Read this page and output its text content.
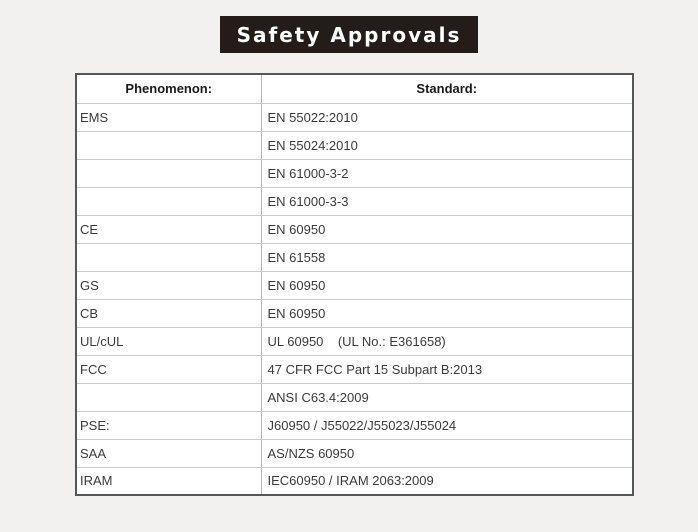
Safety Approvals
Phenomenon:	Standard:
EMS	EN 55022:2010
	EN 55024:2010
	EN 61000-3-2
	EN 61000-3-3
CE	EN 60950
	EN 61558
GS	EN 60950
CB	EN 60950
UL/cUL	UL 60950    (UL No.: E361658)
FCC	47 CFR FCC Part 15 Subpart B:2013
	ANSI C63.4:2009
PSE:	J60950 / J55022/J55023/J55024
SAA	AS/NZS 60950
IRAM	IEC60950 / IRAM 2063:2009
